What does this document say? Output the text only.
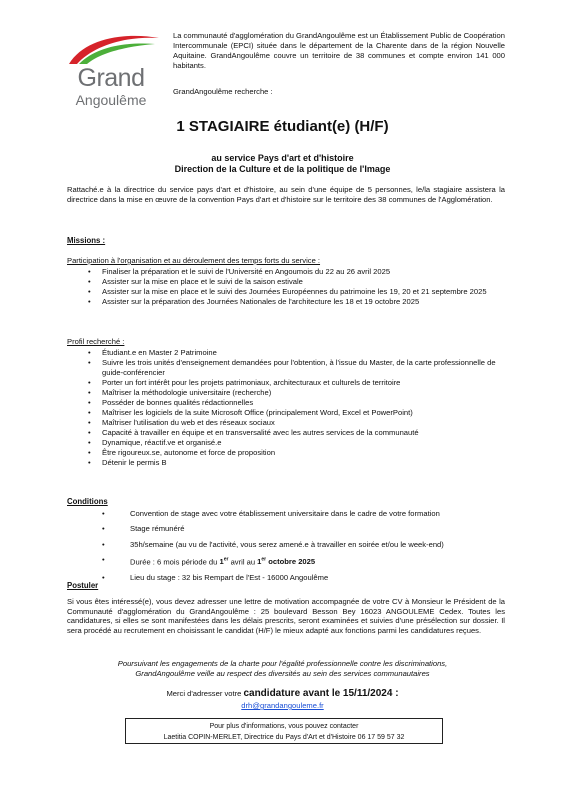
Grand
Angoulême
La communauté d'agglomération du GrandAngoulême est un Établissement Public de Coopération Intercommunale (EPCI) située dans le département de la Charente dans de la région Nouvelle Aquitaine. GrandAngoulême couvre un territoire de 38 communes et compte environ 141 000 habitants.
GrandAngoulême recherche :
1 STAGIAIRE étudiant(e) (H/F)
au service Pays d'art et d'histoire
Direction de la Culture et de la politique de l'Image
Rattaché.e à la directrice du service pays d'art et d'histoire, au sein d'une équipe de 5 personnes, le/la stagiaire assistera la directrice dans la mise en œuvre de la convention Pays d'art et d'histoire sur le territoire des 38 communes de l'Agglomération.
Missions :
Participation à l'organisation et au déroulement des temps forts du service :
• Finaliser la préparation et le suivi de l'Université en Angoumois du 22 au 26 avril 2025
• Assister sur la mise en place et le suivi de la saison estivale
• Assister sur la mise en place et le suivi des Journées Européennes du patrimoine les 19, 20 et 21 septembre 2025
• Assister sur la préparation des Journées Nationales de l'architecture les 18 et 19 octobre 2025
Profil recherché :
• Étudiant.e en Master 2 Patrimoine
• Suivre les trois unités d'enseignement demandées pour l'obtention, à l'issue du Master, de la carte professionnelle de guide-conférencier
• Porter un fort intérêt pour les projets patrimoniaux, architecturaux et culturels de territoire
• Maîtriser la méthodologie universitaire (recherche)
• Posséder de bonnes qualités rédactionnelles
• Maîtriser les logiciels de la suite Microsoft Office (principalement Word, Excel et PowerPoint)
• Maîtriser l'utilisation du web et des réseaux sociaux
• Capacité à travailler en équipe et en transversalité avec les autres services de la communauté
• Dynamique, réactif.ve et organisé.e
• Être rigoureux.se, autonome et force de proposition
• Détenir le permis B
Conditions
•	Convention de stage avec votre établissement universitaire dans le cadre de votre formation
•	Stage rémunéré
•	35h/semaine (au vu de l'activité, vous serez amené.e à travailler en soirée et/ou le week-end)
•	Durée : 6 mois période du 1er avril au 1er octobre 2025
•	Lieu du stage : 32 bis Rempart de l'Est - 16000 Angoulême
Postuler
Si vous êtes intéressé(e), vous devez adresser une lettre de motivation accompagnée de votre CV à Monsieur le Président de la Communauté d'agglomération du GrandAngoulême : 25 boulevard Besson Bey 16023 ANGOULEME Cedex. Toutes les candidatures, si elles se sont manifestées dans les délais prescrits, seront examinées et suivies d'une présélection sur dossier. Il sera procédé au recrutement en choisissant le candidat (H/F) le mieux adapté aux fonctions parmi les candidatures reçues.
Poursuivant les engagements de la charte pour l'égalité professionnelle contre les discriminations,
GrandAngoulême veille au respect des diversités au sein des services communautaires
Merci d'adresser votre candidature avant le 15/11/2024 :
drh@grandangouleme.fr
Pour plus d'informations, vous pouvez contacter
Laetitia COPIN-MERLET, Directrice du Pays d'Art et d'Histoire 06 17 59 57 32
